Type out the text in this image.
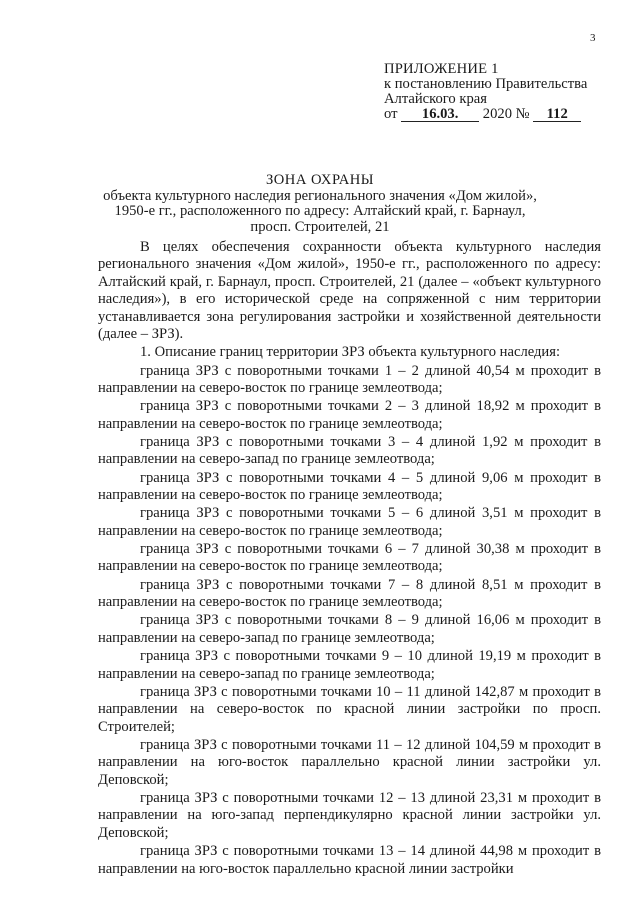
3
ПРИЛОЖЕНИЕ 1
к постановлению Правительства
Алтайского края
от 16.03. 2020 № 112
ЗОНА ОХРАНЫ
объекта культурного наследия регионального значения «Дом жилой», 1950-е гг., расположенного по адресу: Алтайский край, г. Барнаул, просп. Строителей, 21

В целях обеспечения сохранности объекта культурного наследия регионального значения «Дом жилой», 1950-е гг., расположенного по адресу: Алтайский край, г. Барнаул, просп. Строителей, 21 (далее – «объект культурного наследия»), в его исторической среде на сопряженной с ним территории устанавливается зона регулирования застройки и хозяйственной деятельности (далее – ЗРЗ).

1. Описание границ территории ЗРЗ объекта культурного наследия:

граница ЗРЗ с поворотными точками 1 – 2 длиной 40,54 м проходит в направлении на северо-восток по границе землеотвода;

граница ЗРЗ с поворотными точками 2 – 3 длиной 18,92 м проходит в направлении на северо-восток по границе землеотвода;

граница ЗРЗ с поворотными точками 3 – 4 длиной 1,92 м проходит в направлении на северо-запад по границе землеотвода;

граница ЗРЗ с поворотными точками 4 – 5 длиной 9,06 м проходит в направлении на северо-восток по границе землеотвода;

граница ЗРЗ с поворотными точками 5 – 6 длиной 3,51 м проходит в направлении на северо-восток по границе землеотвода;

граница ЗРЗ с поворотными точками 6 – 7 длиной 30,38 м проходит в направлении на северо-восток по границе землеотвода;

граница ЗРЗ с поворотными точками 7 – 8 длиной 8,51 м проходит в направлении на северо-восток по границе землеотвода;

граница ЗРЗ с поворотными точками 8 – 9 длиной 16,06 м проходит в направлении на северо-запад по границе землеотвода;

граница ЗРЗ с поворотными точками 9 – 10 длиной 19,19 м проходит в направлении на северо-запад по границе землеотвода;

граница ЗРЗ с поворотными точками 10 – 11 длиной 142,87 м проходит в направлении на северо-восток по красной линии застройки по просп. Строителей;

граница ЗРЗ с поворотными точками 11 – 12 длиной 104,59 м проходит в направлении на юго-восток параллельно красной линии застройки ул. Деповской;

граница ЗРЗ с поворотными точками 12 – 13 длиной 23,31 м проходит в направлении на юго-запад перпендикулярно красной линии застройки ул. Деповской;

граница ЗРЗ с поворотными точками 13 – 14 длиной 44,98 м проходит в направлении на юго-восток параллельно красной линии застройки
